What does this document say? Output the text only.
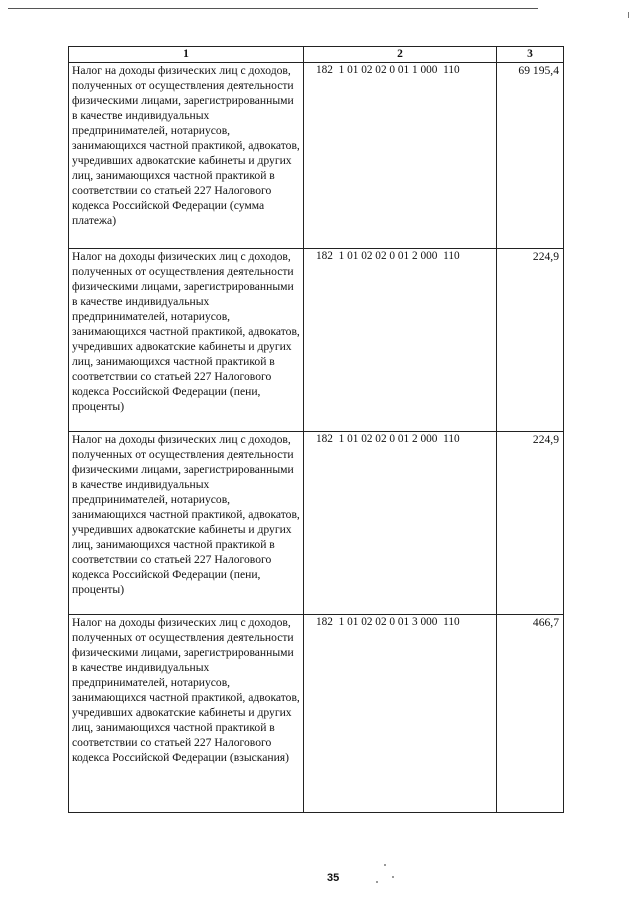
1	2	3
Налог на доходы физических лиц с доходов, полученных от осуществления деятельности физическими лицами, зарегистрированными в качестве индивидуальных предпринимателей, нотариусов, занимающихся частной практикой, адвокатов, учредивших адвокатские кабинеты и других лиц, занимающихся частной практикой в соответствии со статьей 227 Налогового кодекса Российской Федерации (сумма платежа)	182  1 01 02 02 0 01 1 000  110	69 195,4
Налог на доходы физических лиц с доходов, полученных от осуществления деятельности физическими лицами, зарегистрированными в качестве индивидуальных предпринимателей, нотариусов, занимающихся частной практикой, адвокатов, учредивших адвокатские кабинеты и других лиц, занимающихся частной практикой в соответствии со статьей 227 Налогового кодекса Российской Федерации (пени, проценты)	182  1 01 02 02 0 01 2 000  110	224,9
Налог на доходы физических лиц с доходов, полученных от осуществления деятельности физическими лицами, зарегистрированными в качестве индивидуальных предпринимателей, нотариусов, занимающихся частной практикой, адвокатов, учредивших адвокатские кабинеты и других лиц, занимающихся частной практикой в соответствии со статьей 227 Налогового кодекса Российской Федерации (пени, проценты)	182  1 01 02 02 0 01 2 000  110	224,9
Налог на доходы физических лиц с доходов, полученных от осуществления деятельности физическими лицами, зарегистрированными в качестве индивидуальных предпринимателей, нотариусов, занимающихся частной практикой, адвокатов, учредивших адвокатские кабинеты и других лиц, занимающихся частной практикой в соответствии со статьей 227 Налогового кодекса Российской Федерации (взыскания)	182  1 01 02 02 0 01 3 000  110	466,7
35
